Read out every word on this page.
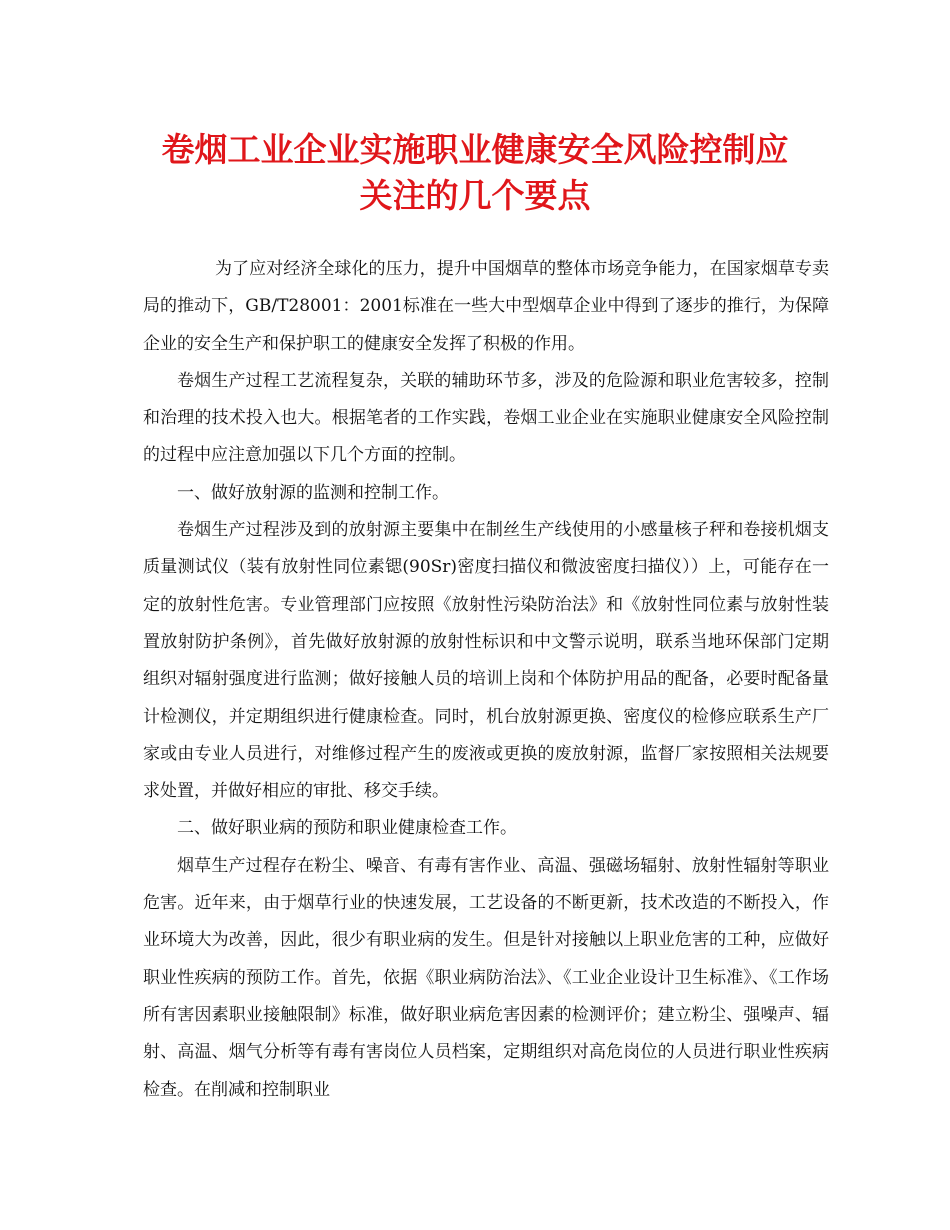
卷烟工业企业实施职业健康安全风险控制应
关注的几个要点

为了应对经济全球化的压力，提升中国烟草的整体市场竞争能力，在国家烟草专卖局的推动下，GB/T28001：2001标准在一些大中型烟草企业中得到了逐步的推行，为保障企业的安全生产和保护职工的健康安全发挥了积极的作用。

卷烟生产过程工艺流程复杂，关联的辅助环节多，涉及的危险源和职业危害较多，控制和治理的技术投入也大。根据笔者的工作实践，卷烟工业企业在实施职业健康安全风险控制的过程中应注意加强以下几个方面的控制。

一、做好放射源的监测和控制工作。

卷烟生产过程涉及到的放射源主要集中在制丝生产线使用的小感量核子秤和卷接机烟支质量测试仪（装有放射性同位素锶(90Sr)密度扫描仪和微波密度扫描仪））上，可能存在一定的放射性危害。专业管理部门应按照《放射性污染防治法》和《放射性同位素与放射性装置放射防护条例》，首先做好放射源的放射性标识和中文警示说明，联系当地环保部门定期组织对辐射强度进行监测；做好接触人员的培训上岗和个体防护用品的配备，必要时配备量计检测仪，并定期组织进行健康检查。同时，机台放射源更换、密度仪的检修应联系生产厂家或由专业人员进行，对维修过程产生的废液或更换的废放射源，监督厂家按照相关法规要求处置，并做好相应的审批、移交手续。

二、做好职业病的预防和职业健康检查工作。

烟草生产过程存在粉尘、噪音、有毒有害作业、高温、强磁场辐射、放射性辐射等职业危害。近年来，由于烟草行业的快速发展，工艺设备的不断更新，技术改造的不断投入，作业环境大为改善，因此，很少有职业病的发生。但是针对接触以上职业危害的工种，应做好职业性疾病的预防工作。首先，依据《职业病防治法》、《工业企业设计卫生标准》、《工作场所有害因素职业接触限制》标准，做好职业病危害因素的检测评价；建立粉尘、强噪声、辐射、高温、烟气分析等有毒有害岗位人员档案，定期组织对高危岗位的人员进行职业性疾病检查。在削减和控制职业
